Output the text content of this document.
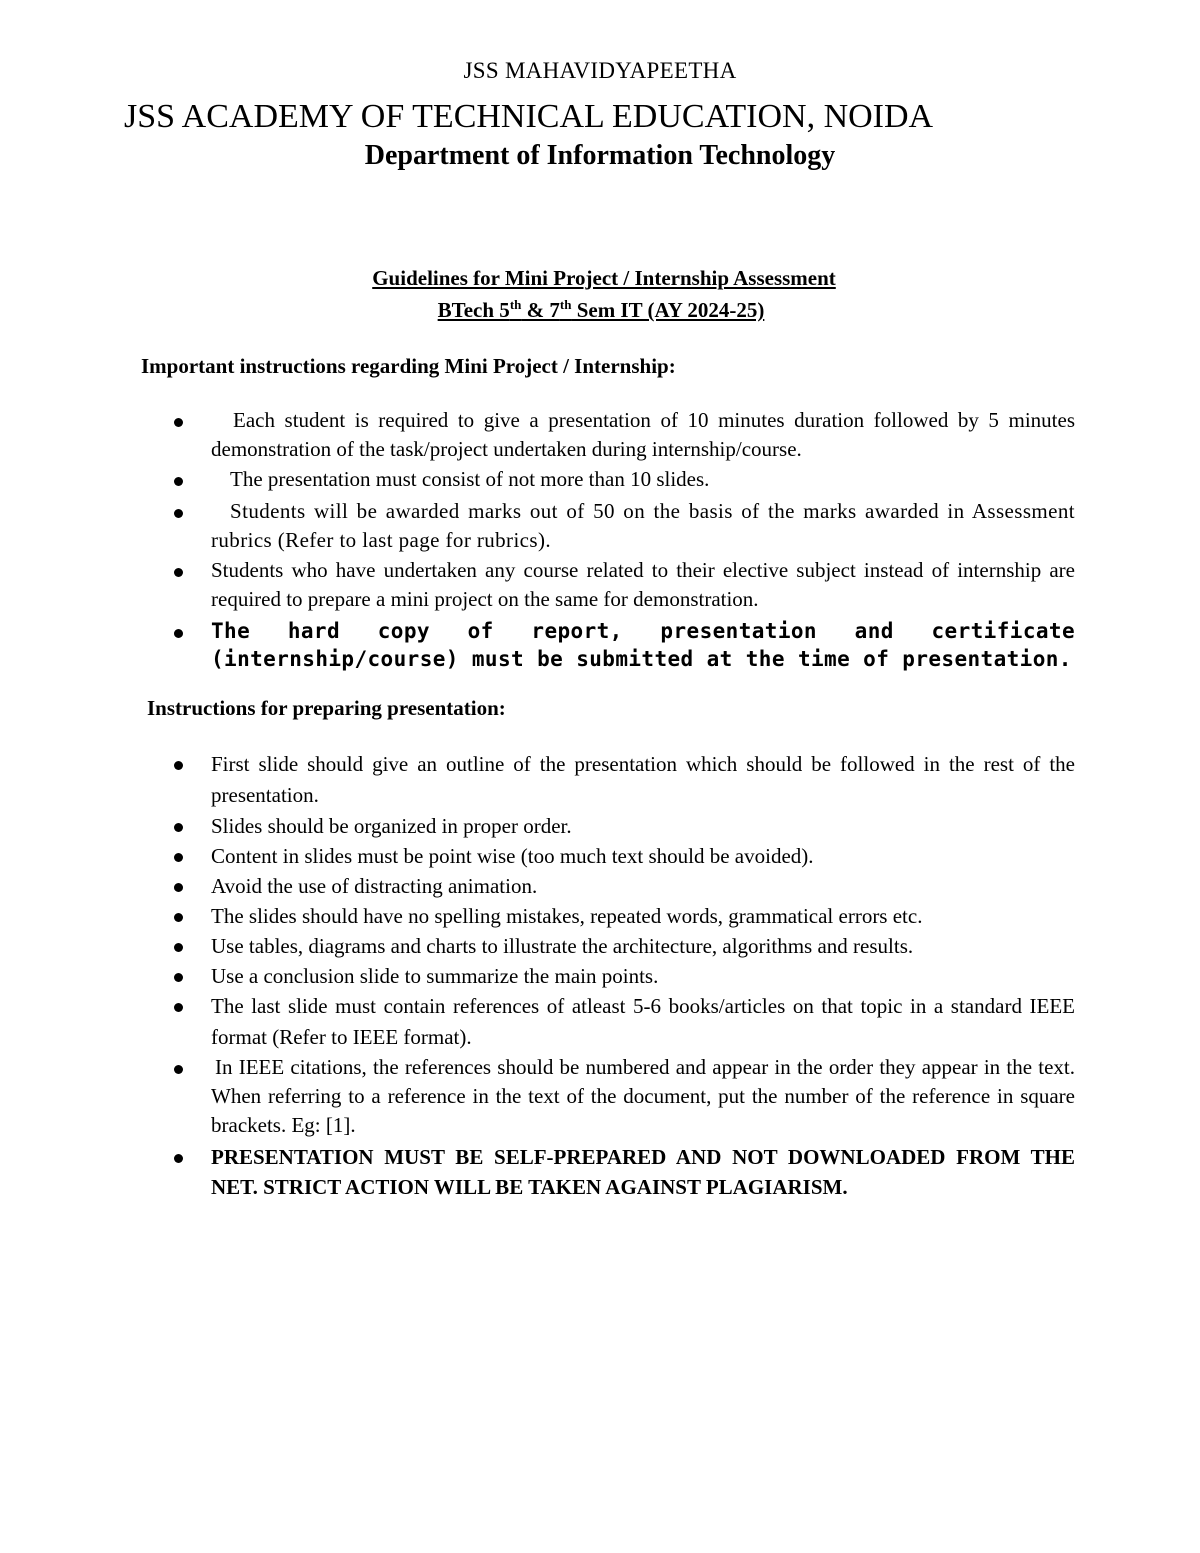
JSS MAHAVIDYAPEETHA
JSS ACADEMY OF TECHNICAL EDUCATION, NOIDA
Department of Information Technology
Guidelines for Mini Project / Internship Assessment
BTech 5th & 7th Sem IT (AY 2024-25)
Important instructions regarding Mini Project / Internship:
Each student is required to give a presentation of 10 minutes duration followed by 5 minutes demonstration of the task/project undertaken during internship/course.
The presentation must consist of not more than 10 slides.
Students will be awarded marks out of 50 on the basis of the marks awarded in Assessment rubrics (Refer to last page for rubrics).
Students who have undertaken any course related to their elective subject instead of internship are required to prepare a mini project on the same for demonstration.
The hard copy of report, presentation and certificate (internship/course) must be submitted at the time of presentation.
Instructions for preparing presentation:
First slide should give an outline of the presentation which should be followed in the rest of the presentation.
Slides should be organized in proper order.
Content in slides must be point wise (too much text should be avoided).
Avoid the use of distracting animation.
The slides should have no spelling mistakes, repeated words, grammatical errors etc.
Use tables, diagrams and charts to illustrate the architecture, algorithms and results.
Use a conclusion slide to summarize the main points.
The last slide must contain references of atleast 5-6 books/articles on that topic in a standard IEEE format (Refer to IEEE format).
In IEEE citations, the references should be numbered and appear in the order they appear in the text. When referring to a reference in the text of the document, put the number of the reference in square brackets. Eg: [1].
PRESENTATION MUST BE SELF-PREPARED AND NOT DOWNLOADED FROM THE NET. STRICT ACTION WILL BE TAKEN AGAINST PLAGIARISM.
